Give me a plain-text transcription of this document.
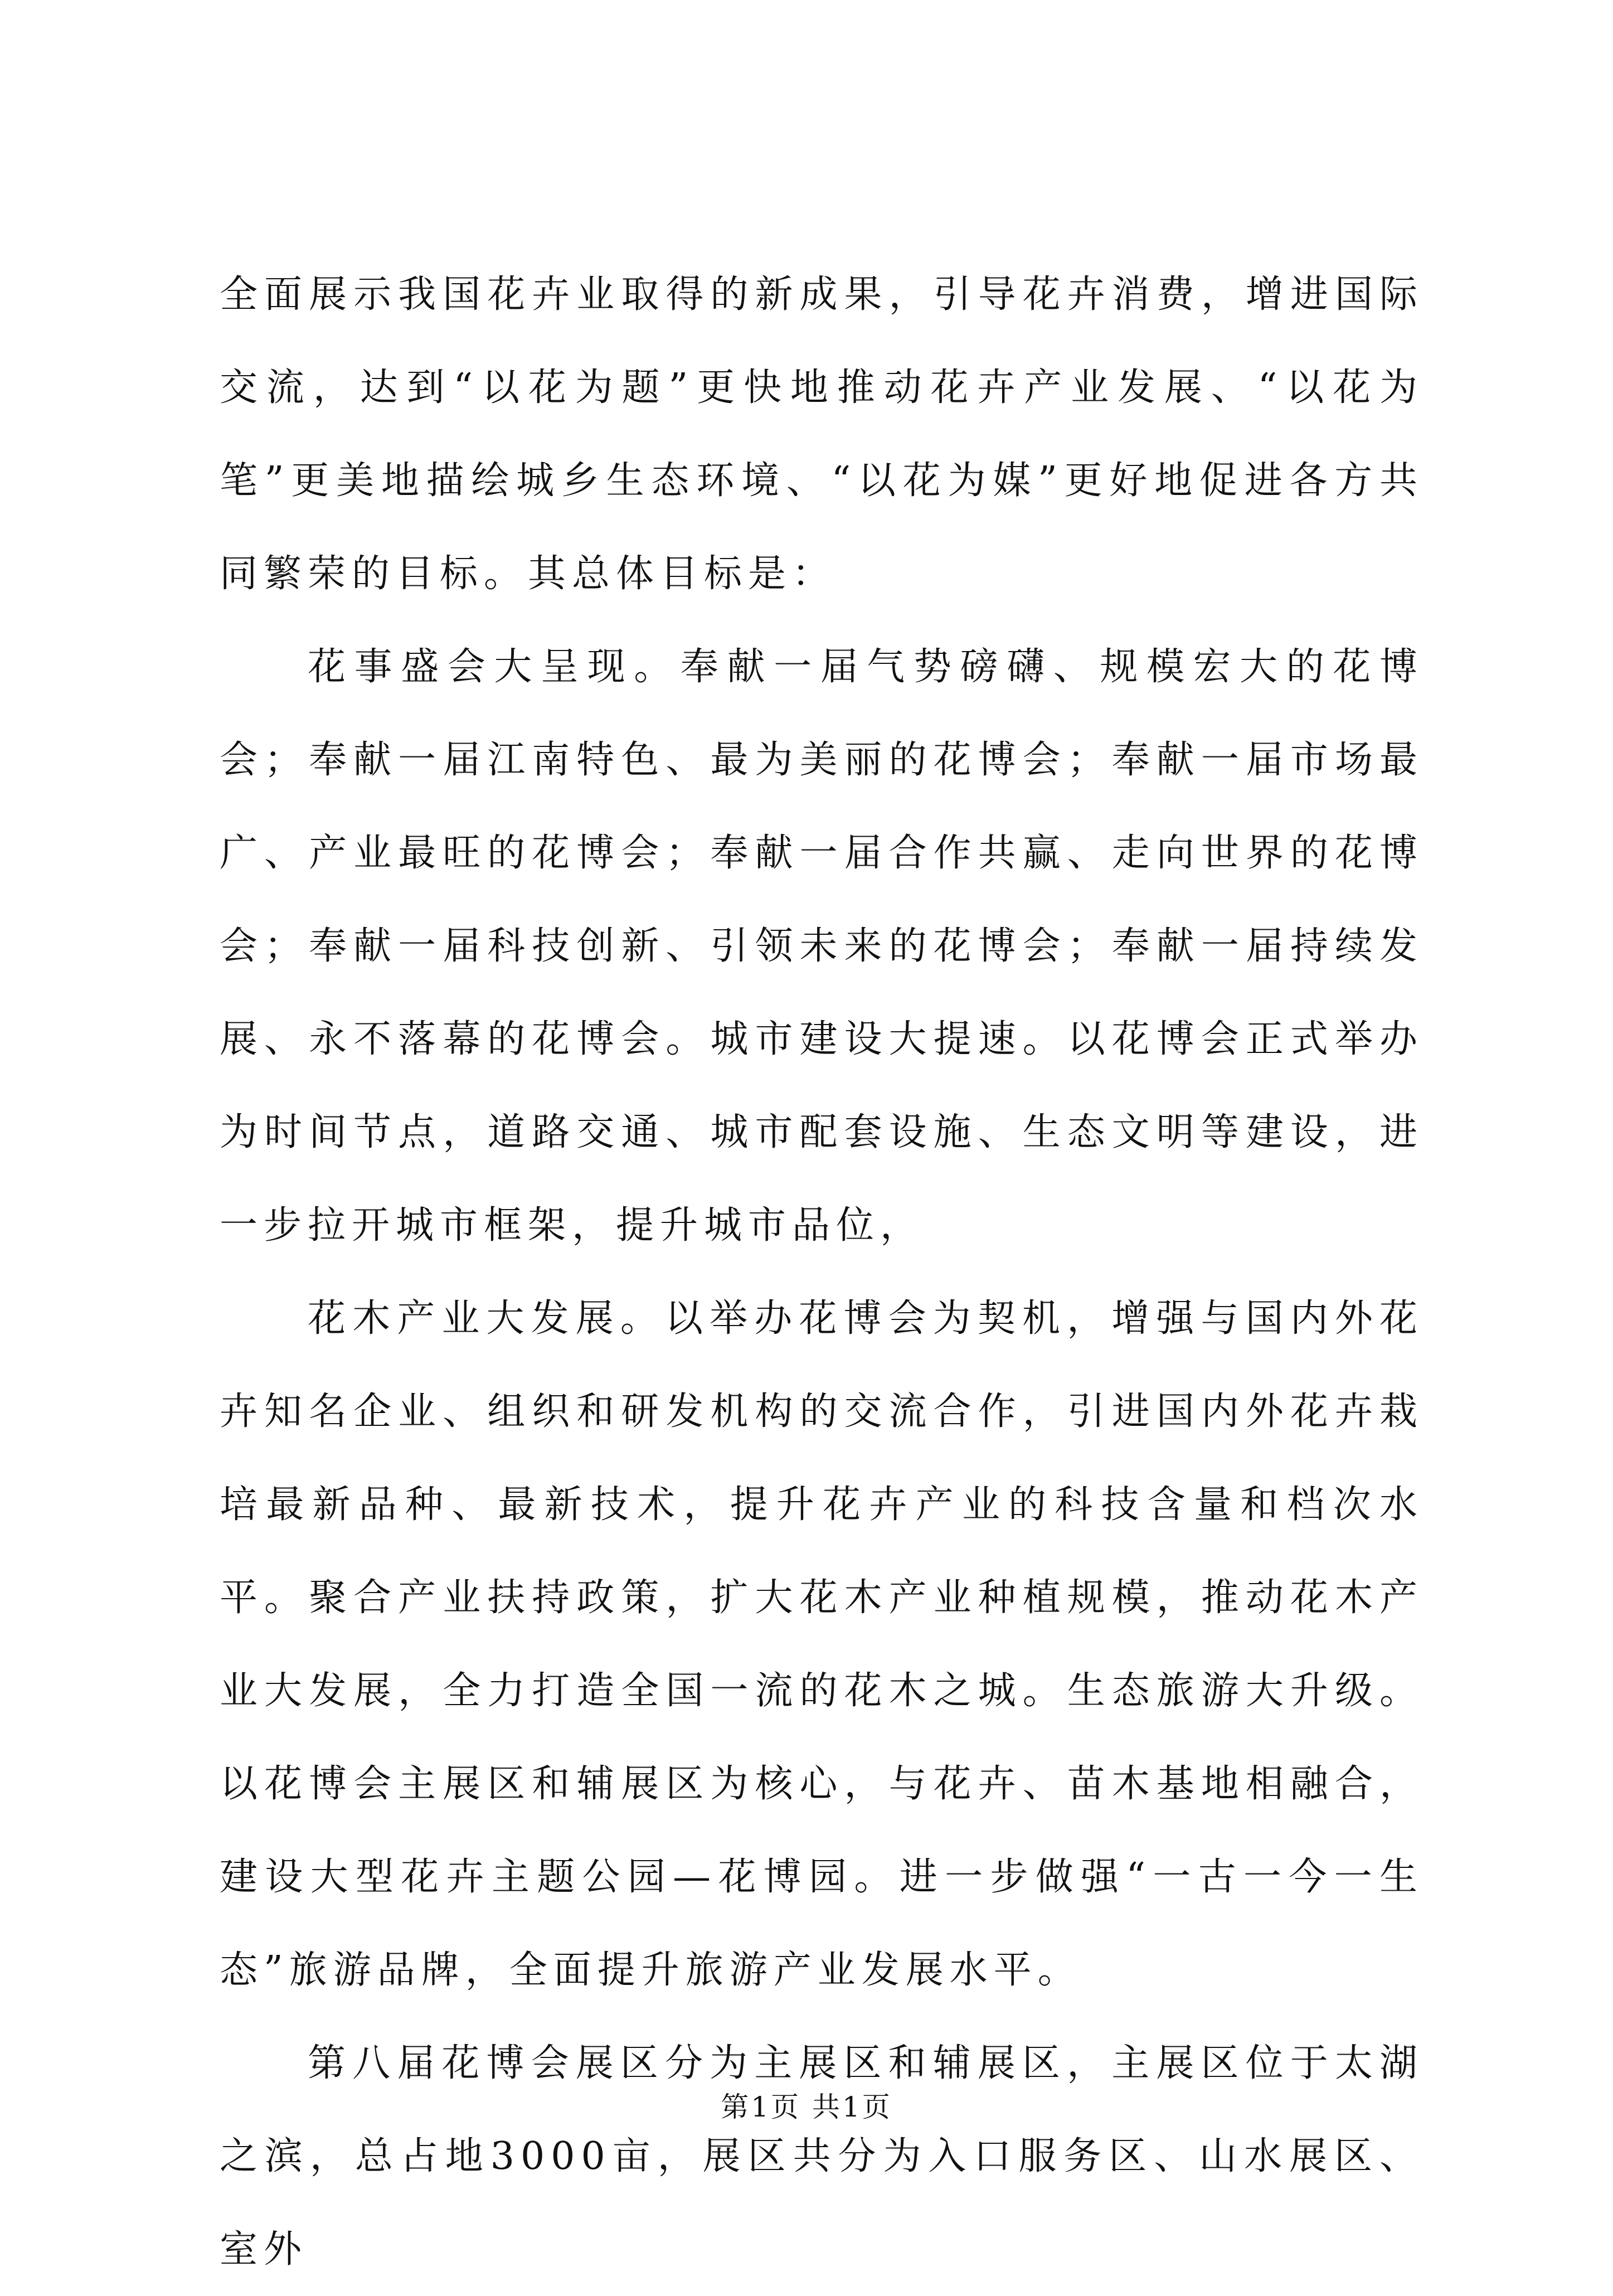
全面展示我国花卉业取得的新成果，引导花卉消费，增进国际交流，达到“以花为题”更快地推动花卉产业发展、“以花为笔”更美地描绘城乡生态环境、“以花为媒”更好地促进各方共同繁荣的目标。其总体目标是：

花事盛会大呈现。奉献一届气势磅礴、规模宏大的花博会；奉献一届江南特色、最为美丽的花博会；奉献一届市场最广、产业最旺的花博会；奉献一届合作共赢、走向世界的花博会；奉献一届科技创新、引领未来的花博会；奉献一届持续发展、永不落幕的花博会。城市建设大提速。以花博会正式举办为时间节点，道路交通、城市配套设施、生态文明等建设，进一步拉开城市框架，提升城市品位，

花木产业大发展。以举办花博会为契机，增强与国内外花卉知名企业、组织和研发机构的交流合作，引进国内外花卉栽培最新品种、最新技术，提升花卉产业的科技含量和档次水平。聚合产业扶持政策，扩大花木产业种植规模，推动花木产业大发展，全力打造全国一流的花木之城。生态旅游大升级。以花博会主展区和辅展区为核心，与花卉、苗木基地相融合，建设大型花卉主题公园—花博园。进一步做强“一古一今一生态”旅游品牌，全面提升旅游产业发展水平。

第八届花博会展区分为主展区和辅展区，主展区位于太湖之滨，总占地3000亩，展区共分为入口服务区、山水展区、室外

第1页 共1页
